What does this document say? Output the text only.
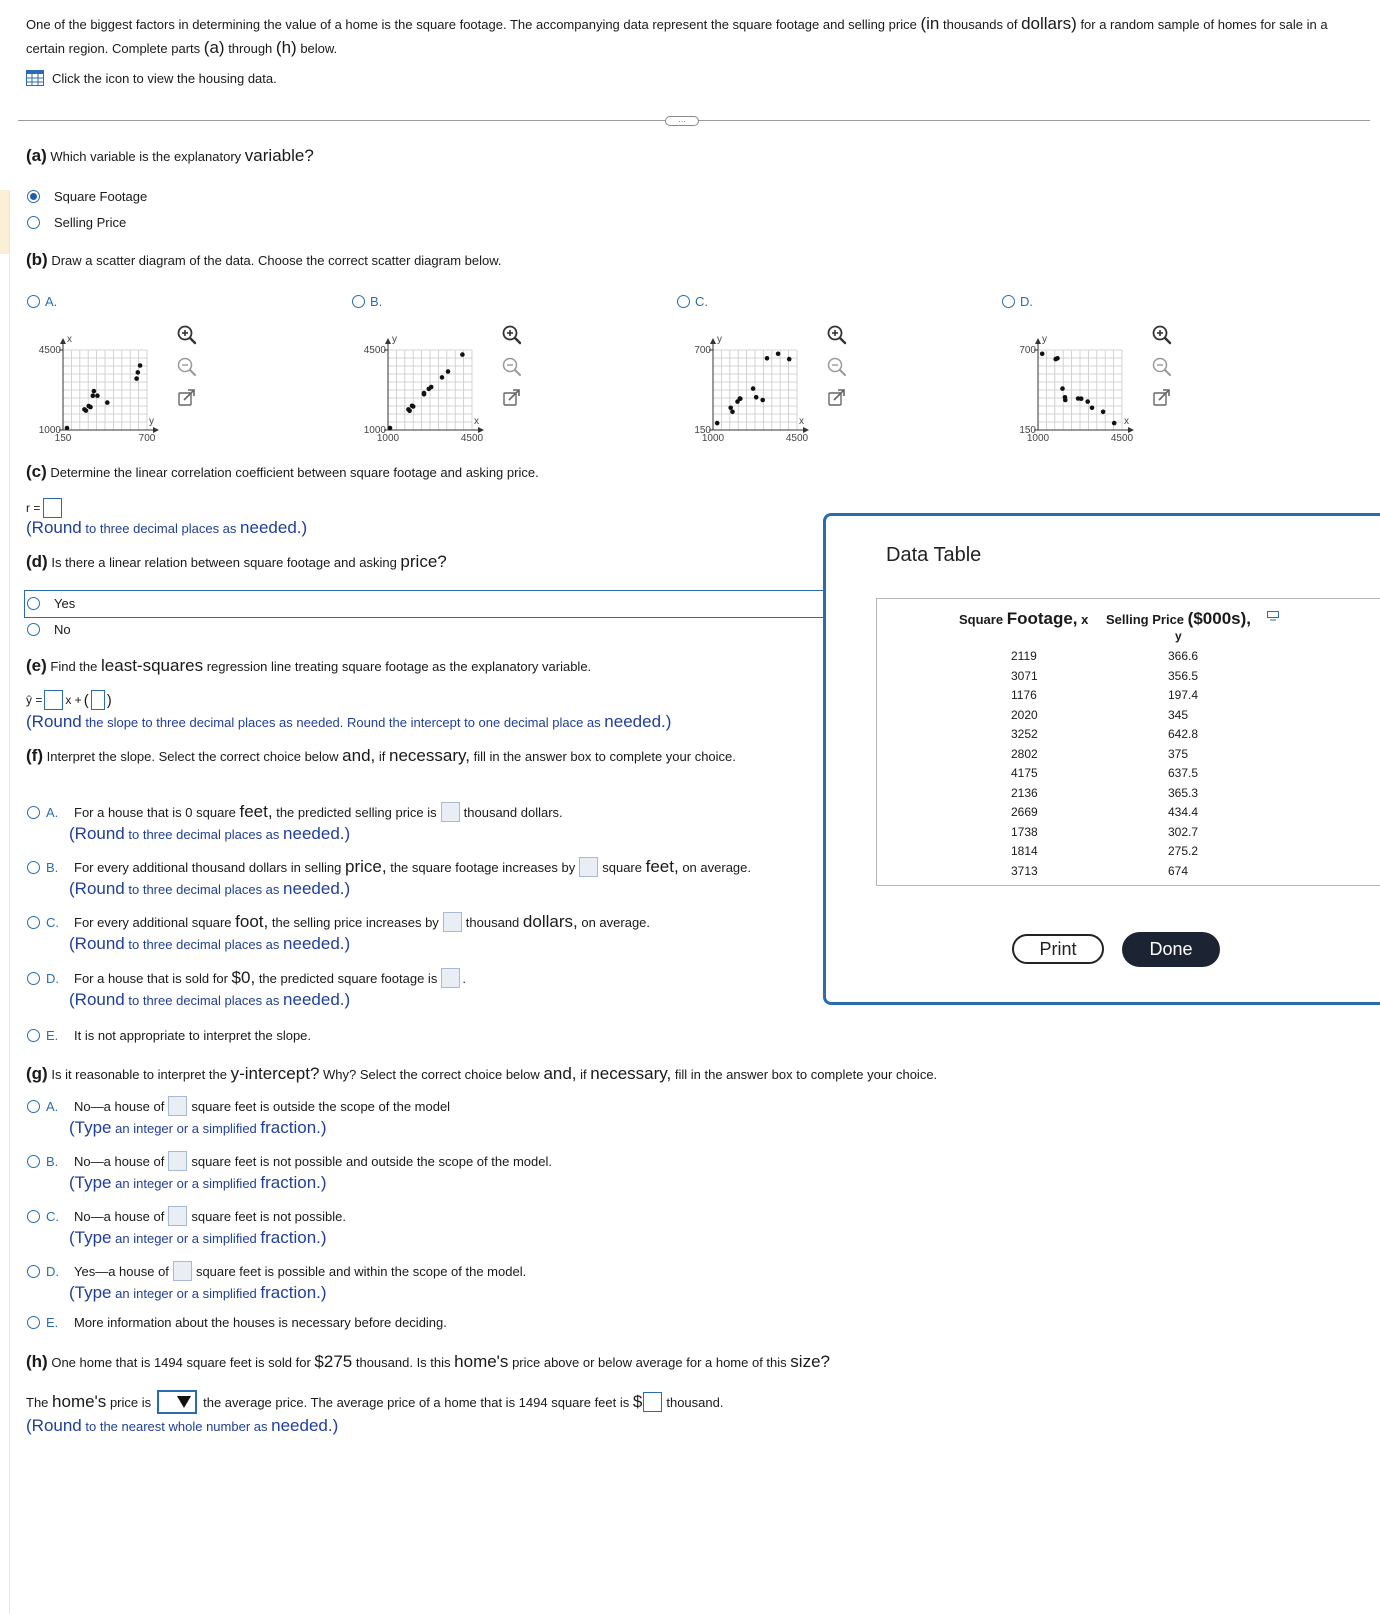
One of the biggest factors in determining the value of a home is the square footage. The accompanying data represent the square footage and selling price (in thousands of dollars) for a random sample of homes for sale in a certain region. Complete parts (a) through (h) below.
Click the icon to view the housing data.
…
(a) Which variable is the explanatory variable?
Square Footage
Selling Price
(b) Draw a scatter diagram of the data. Choose the correct scatter diagram below.
A.
x
y
1000
4500
150	700
B.
y
x
1000
4500
1000	4500
C.
y
x
150
700
1000	4500
D.
y
x
150
700
1000	4500
(c) Determine the linear correlation coefficient between square footage and asking price.
r =
(Round to three decimal places as needed.)
(d) Is there a linear relation between square footage and asking price?
Yes
No
(e) Find the least-squares regression line treating square footage as the explanatory variable.
ŷ = x + ( )
(Round the slope to three decimal places as needed. Round the intercept to one decimal place as needed.)
(f) Interpret the slope. Select the correct choice below and, if necessary, fill in the answer box to complete your choice.
A.	For a house that is 0 square
feet,
the predicted selling price is thousand dollars.
(Round to three decimal places as needed.)
B.	For every additional thousand dollars in selling
price,
the square footage increases by square
feet,
on average.
(Round to three decimal places as needed.)
C.	For every additional square
foot,
the selling price increases by thousand
dollars,
on average.
(Round to three decimal places as needed.)
D.	For a house that is sold for
$0,
the predicted square footage is .
(Round to three decimal places as needed.)
E.	It is not appropriate to interpret the slope.
(g) Is it reasonable to interpret the y-intercept? Why? Select the correct choice below and, if necessary, fill in the answer box to complete your choice.
A.	No—a house of square feet is outside the scope of the model
(Type an integer or a simplified fraction.)
B.	No—a house of square feet is not possible and outside the scope of the model.
(Type an integer or a simplified fraction.)
C.	No—a house of square feet is not possible.
(Type an integer or a simplified fraction.)
D.	Yes—a house of square feet is possible and within the scope of the model.
(Type an integer or a simplified fraction.)
E.	More information about the houses is necessary before deciding.
(h) One home that is 1494 square feet is sold for $275 thousand. Is this home's price above or below average for a home of this size?
The
home's
price is	the average price. The average price of a home that is 1494 square feet is
$ thousand.
(Round to the nearest whole number as needed.)
Data Table
Square Footage, x Selling Price ($000s),
y
2119	366.6
3071	356.5
1176	197.4
2020	345
3252	642.8
2802	375
4175	637.5
2136	365.3
2669	434.4
1738	302.7
1814	275.2
3713	674
Print	Done
